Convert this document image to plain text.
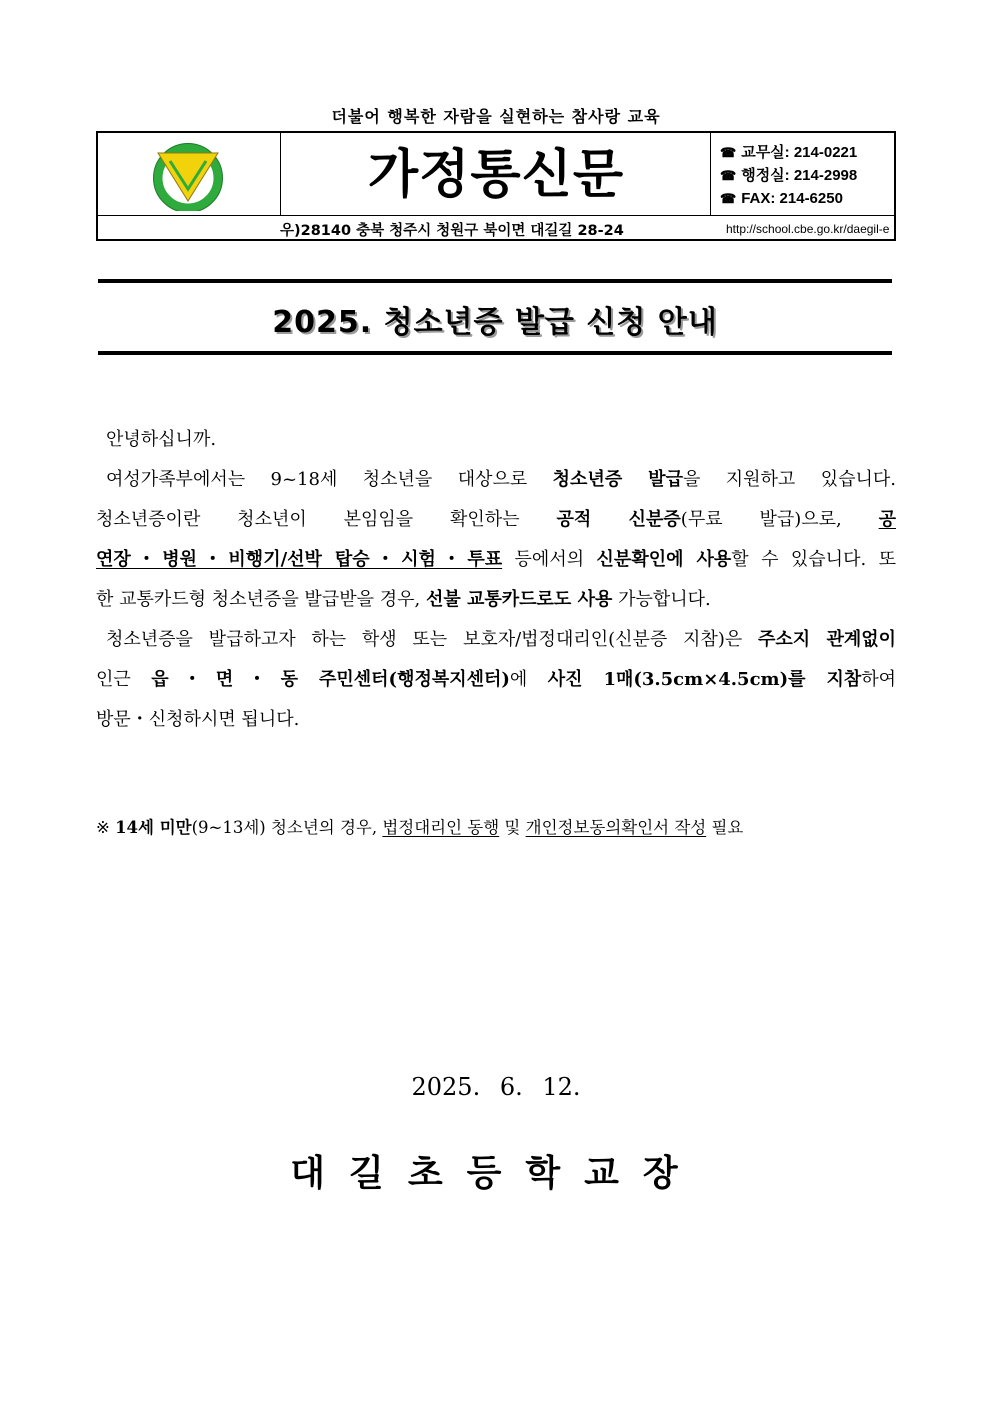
더불어 행복한 자람을 실현하는 참사랑 교육
가정통신문	☎ 교무실: 214-0221
☎ 행정실: 214-2998
☎ FAX: 214-6250
우)28140 충북 청주시 청원구 북이면 대길길 28-24	http://school.cbe.go.kr/daegil-e
2025. 청소년증 발급 신청 안내
안녕하십니까.
여성가족부에서는 9~18세 청소년을 대상으로 청소년증 발급을 지원하고 있습니다.
청소년증이란 청소년이 본임임을 확인하는 공적 신분증(무료 발급)으로, 공
연장・병원・비행기/선박 탑승・시험・투표 등에서의 신분확인에 사용할 수 있습니다. 또
한 교통카드형 청소년증을 발급받을 경우, 선불 교통카드로도 사용 가능합니다.
청소년증을 발급하고자 하는 학생 또는 보호자/법정대리인(신분증 지참)은 주소지 관계없이
인근 읍・면・동 주민센터(행정복지센터)에 사진 1매(3.5cm×4.5cm)를 지참하여
방문・신청하시면 됩니다.
※ 14세 미만(9~13세) 청소년의 경우, 법정대리인 동행 및 개인정보동의확인서 작성 필요
2025. 6. 12.
대길초등학교장
